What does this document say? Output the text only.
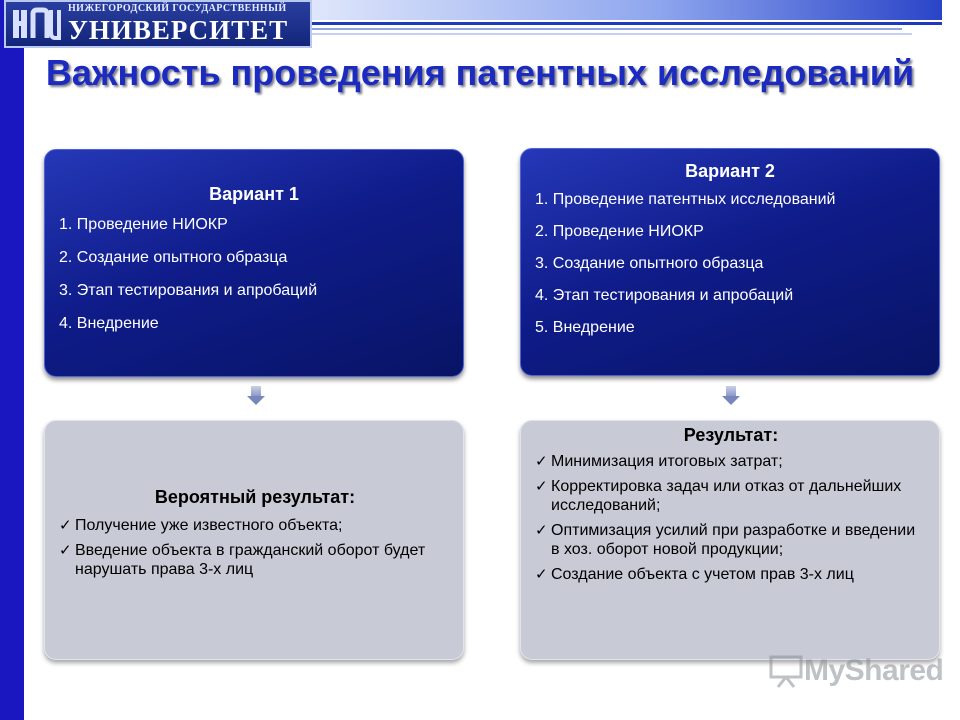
НИЖЕГОРОДСКИЙ ГОСУДАРСТВЕННЫЙ
УНИВЕРСИТЕТ
Важность проведения патентных исследований

Вариант 1

1. Проведение НИОКР

2. Создание опытного образца

3. Этап тестирования и апробаций

4. Внедрение

Вариант 2

1. Проведение патентных исследований

2. Проведение НИОКР

3. Создание опытного образца

4. Этап тестирования и апробаций

5. Внедрение

Вероятный результат:

✓ Получение уже известного объекта;
✓ Введение объекта в гражданский оборот будет нарушать права 3-х лиц

Результат:

✓ Минимизация итоговых затрат;
✓ Корректировка задач или отказ от дальнейших исследований;
✓ Оптимизация усилий при разработке и введении в хоз. оборот новой продукции;
✓ Создание объекта с учетом прав 3-х лиц
MyShared
